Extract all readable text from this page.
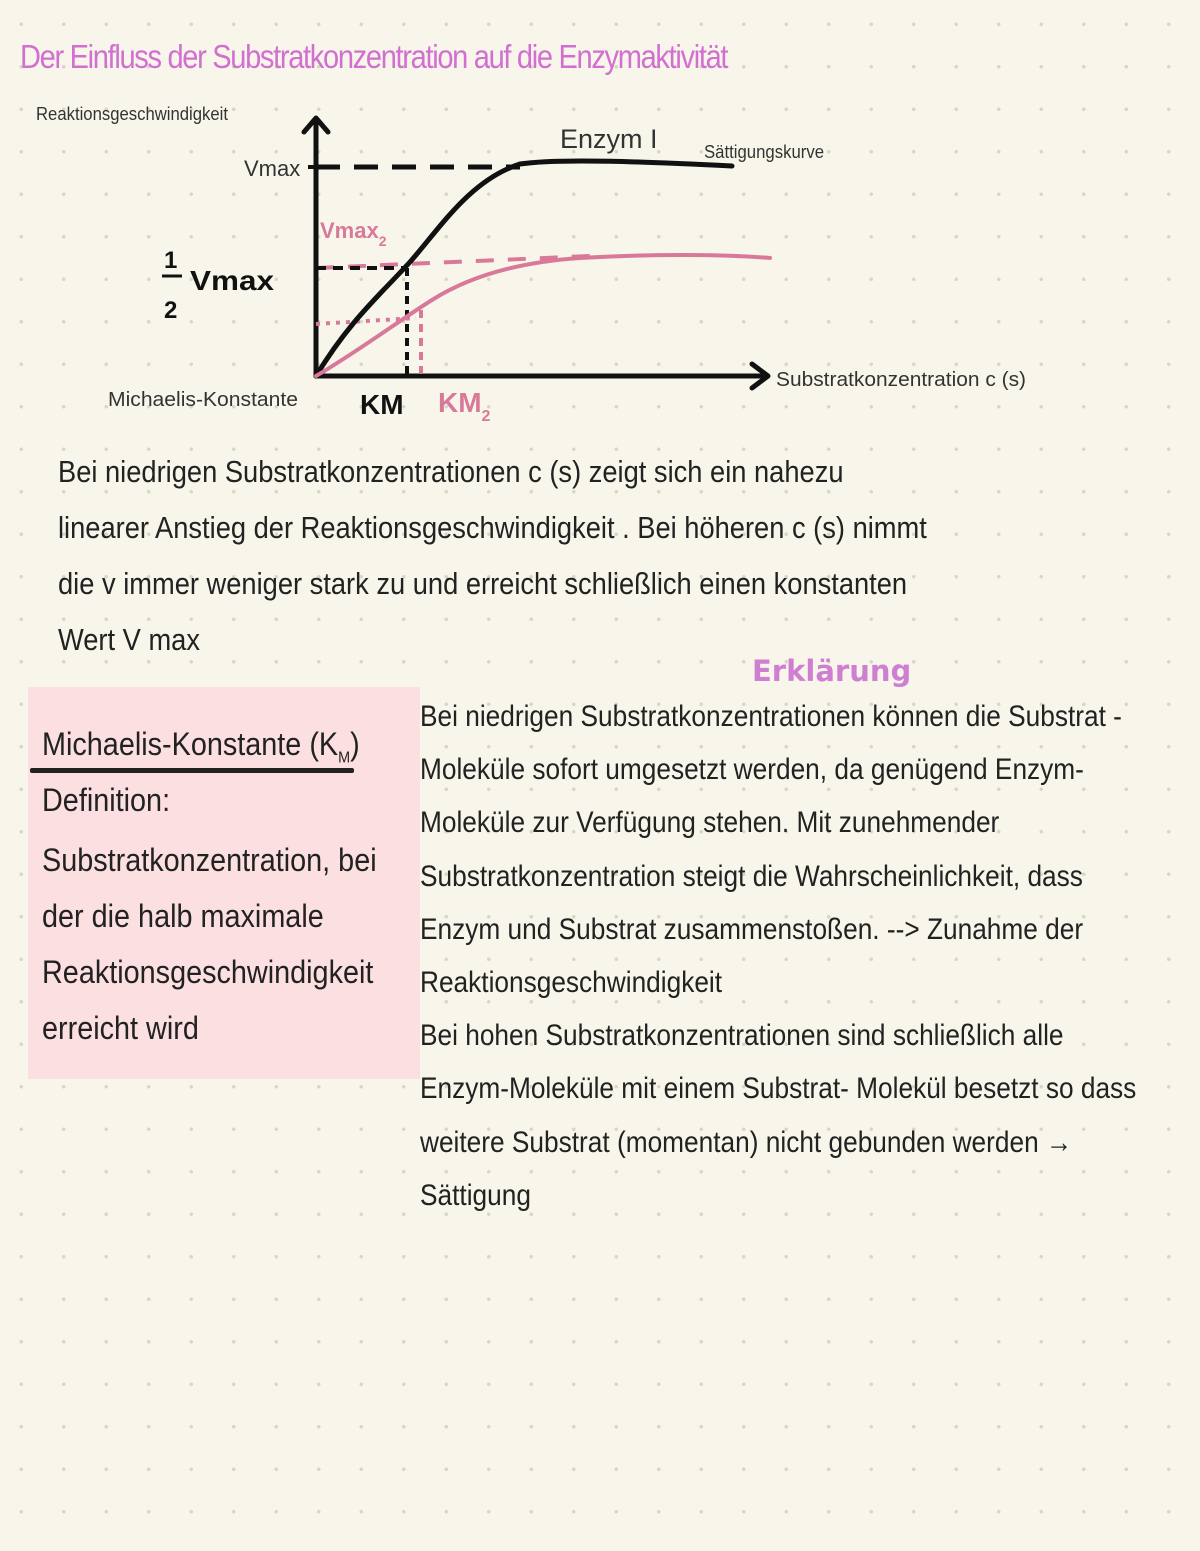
Der Einfluss der Substratkonzentration auf die Enzymaktivität
Reaktionsgeschwindigkeit
Vmax
Enzym I	Sättigungskurve
Vmax$_2$
1
2
Vmax
Substratkonzentration c (s)
Michaelis-Konstante KM $KM_2$
Bei niedrigen Substratkonzentrationen c (s) zeigt sich ein nahezu linearer Anstieg der Reaktionsgeschwindigkeit . Bei höheren c (s) nimmt die v immer weniger stark zu und erreicht schließlich einen konstanten Wert V max
Erklärung
Michaelis-Konstante $(K_M)$
Definition:
Substratkonzentration, bei der die halb maximale Reaktionsgeschwindigkeit erreicht wird
Bei niedrigen Substratkonzentrationen können die Substrat - Moleküle sofort umgesetzt werden, da genügend Enzym-Moleküle zur Verfügung stehen. Mit zunehmender Substratkonzentration steigt die Wahrscheinlichkeit, dass Enzym und Substrat zusammenstoßen. --> Zunahme der Reaktionsgeschwindigkeit
Bei hohen Substratkonzentrationen sind schließlich alle Enzym-Moleküle mit einem Substrat- Molekül besetzt so dass weitere Substrat (momentan) nicht gebunden werden → Sättigung
